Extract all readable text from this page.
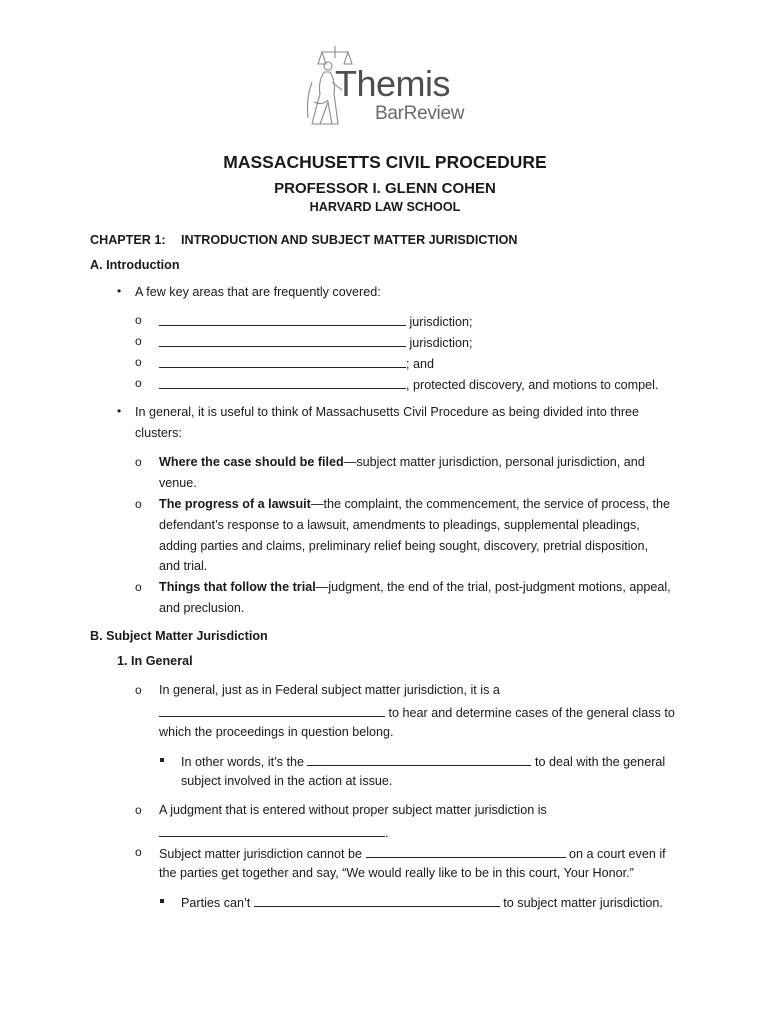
Themis
BarReview
MASSACHUSETTS CIVIL PROCEDURE
PROFESSOR I. GLENN COHEN
HARVARD LAW SCHOOL
CHAPTER 1: INTRODUCTION AND SUBJECT MATTER JURISDICTION
A. Introduction
• A few key areas that are frequently covered:
o	jurisdiction;
o	jurisdiction;
o	; and
o	, protected discovery, and motions to compel.
• In general, it is useful to think of Massachusetts Civil Procedure as being divided into three
clusters:
o Where the case should be filed—subject matter jurisdiction, personal jurisdiction, and
venue.
o The progress of a lawsuit—the complaint, the commencement, the service of process, the
defendant’s response to a lawsuit, amendments to pleadings, supplemental pleadings,
adding parties and claims, preliminary relief being sought, discovery, pretrial disposition,
and trial.
o Things that follow the trial—judgment, the end of the trial, post-judgment motions, appeal,
and preclusion.
B. Subject Matter Jurisdiction
1. In General
o In general, just as in Federal subject matter jurisdiction, it is a
to hear and determine cases of the general class to
which the proceedings in question belong.
In other words, it’s the	to deal with the general
subject involved in the action at issue.
o A judgment that is entered without proper subject matter jurisdiction is
.
o Subject matter jurisdiction cannot be	on a court even if
the parties get together and say, “We would really like to be in this court, Your Honor.”
Parties can’t	to subject matter jurisdiction.
